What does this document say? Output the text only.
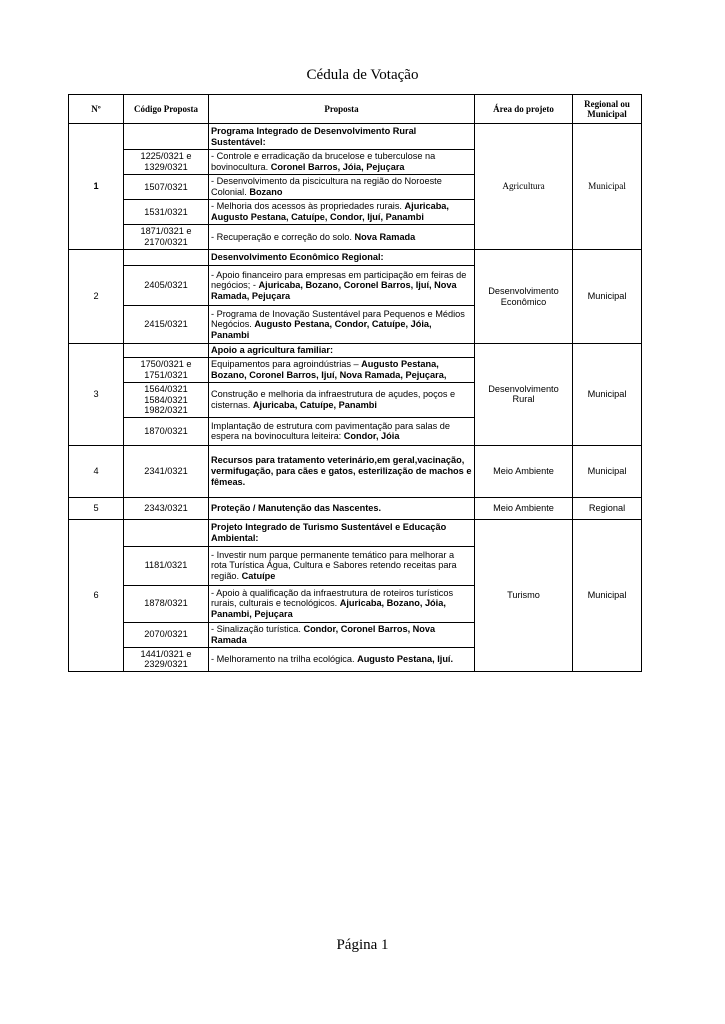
Cédula de Votação
Nº	Código Proposta	Proposta	Área do projeto	Regional ou Municipal
1		Programa Integrado de Desenvolvimento Rural Sustentável:	Agricultura	Municipal
	1225/0321 e 1329/0321	- Controle e erradicação da brucelose e tuberculose na bovinocultura. Coronel Barros, Jóia, Pejuçara		
	1507/0321	- Desenvolvimento da piscicultura na região do Noroeste Colonial. Bozano		
	1531/0321	- Melhoria dos acessos às propriedades rurais. Ajuricaba, Augusto Pestana, Catuípe, Condor, Ijuí, Panambi		
	1871/0321 e 2170/0321	- Recuperação e correção do solo. Nova Ramada		
2		Desenvolvimento Econômico Regional:	Desenvolvimento Econômico	Municipal
	2405/0321	- Apoio financeiro para empresas em participação em feiras de negócios; - Ajuricaba, Bozano, Coronel Barros, Ijuí, Nova Ramada, Pejuçara		
	2415/0321	- Programa de Inovação Sustentável para Pequenos e Médios Negócios. Augusto Pestana, Condor, Catuípe, Jóia, Panambi		
3		Apoio a agricultura familiar:	Desenvolvimento Rural	Municipal
	1750/0321 e 1751/0321	Equipamentos para agroindústrias – Augusto Pestana, Bozano, Coronel Barros, Ijuí, Nova Ramada, Pejuçara,		
	1564/0321 1584/0321 1982/0321	Construção e melhoria da infraestrutura de açudes, poços e cisternas. Ajuricaba, Catuípe, Panambi		
	1870/0321	Implantação de estrutura com pavimentação para salas de espera na bovinocultura leiteira: Condor, Jóia		
4	2341/0321	Recursos para tratamento veterinário,em geral,vacinação, vermifugação, para cães e gatos, esterilização de machos e fêmeas.	Meio Ambiente	Municipal
5	2343/0321	Proteção / Manutenção das Nascentes.	Meio Ambiente	Regional
6		Projeto Integrado de Turismo Sustentável e Educação Ambiental:	Turismo	Municipal
	1181/0321	- Investir num parque permanente temático para melhorar a rota Turística Água, Cultura e Sabores retendo receitas para região. Catuípe		
	1878/0321	- Apoio à qualificação da infraestrutura de roteiros turísticos rurais, culturais e tecnológicos. Ajuricaba, Bozano, Jóia, Panambi, Pejuçara		
	2070/0321	- Sinalização turística. Condor, Coronel Barros, Nova Ramada		
	1441/0321 e 2329/0321	- Melhoramento na trilha ecológica. Augusto Pestana, Ijuí.		
Página 1
